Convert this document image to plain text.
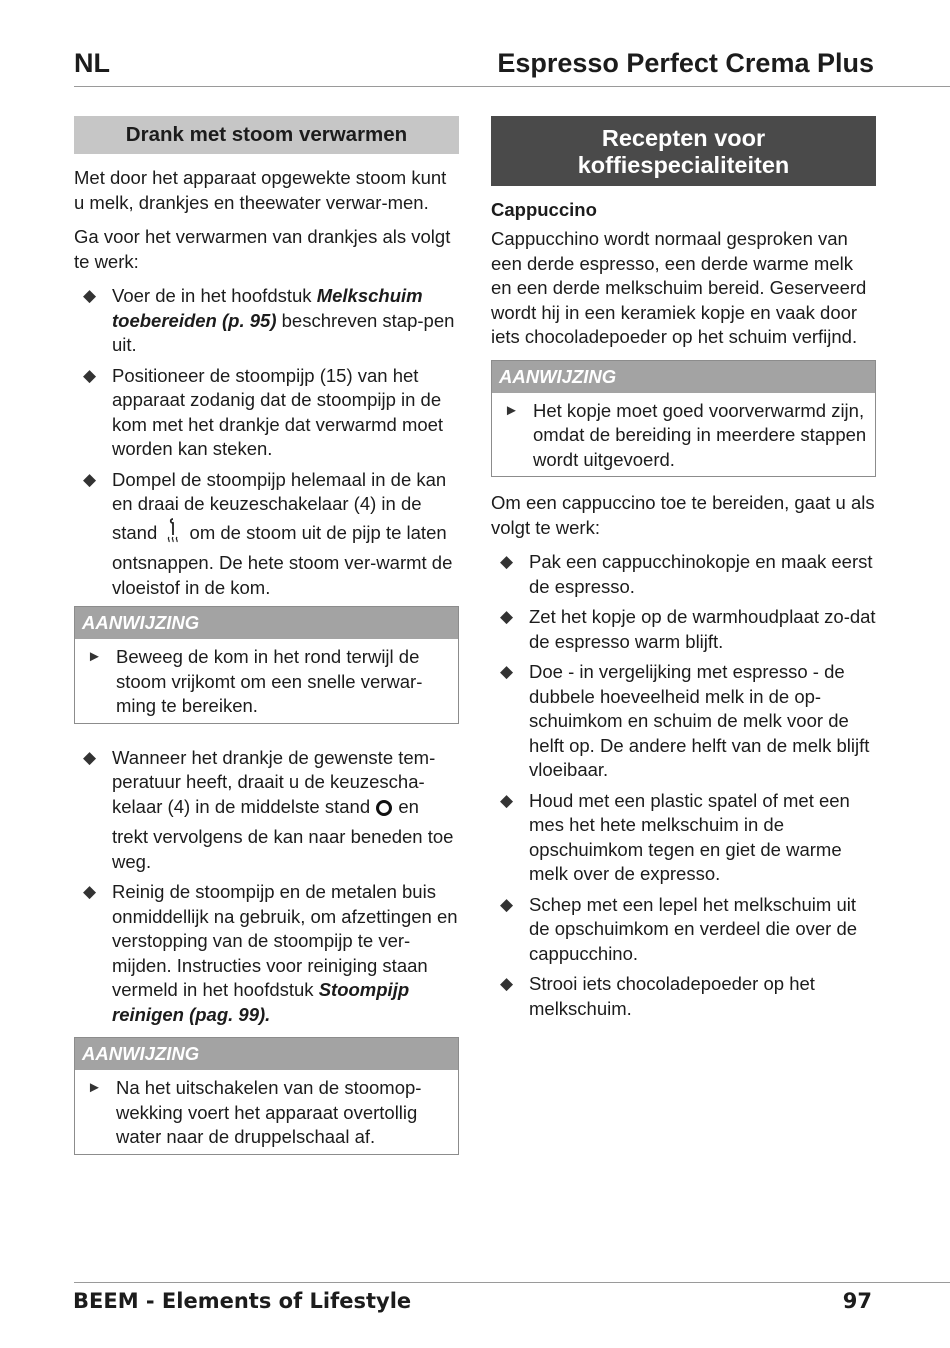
NL	Espresso Perfect Crema Plus
Drank met stoom verwarmen

Met door het apparaat opgewekte stoom kunt u melk, drankjes en theewater verwar-men.

Ga voor het verwarmen van drankjes als volgt te werk:

◆ Voer de in het hoofdstuk Melkschuim toebereiden (p. 95) beschreven stap-pen uit.
◆ Positioneer de stoompijp (15) van het apparaat zodanig dat de stoompijp in de kom met het drankje dat verwarmd moet worden kan steken.
◆ Dompel de stoompijp helemaal in de kan en draai de keuzeschakelaar (4) in de stand  om de stoom uit de pijp te laten ontsnappen. De hete stoom ver-warmt de vloeistof in de kom.
AANWIJZING
► Beweeg de kom in het rond terwijl de stoom vrijkomt om een snelle verwar-ming te bereiken.
◆ Wanneer het drankje de gewenste tem-peratuur heeft, draait u de keuzescha-kelaar (4) in de middelste stand  en trekt vervolgens de kan naar beneden toe weg.
◆ Reinig de stoompijp en de metalen buis onmiddellijk na gebruik, om afzettingen en verstopping van de stoompijp te ver-mijden. Instructies voor reiniging staan vermeld in het hoofdstuk Stoompijp reinigen (pag. 99).
AANWIJZING
► Na het uitschakelen van de stoomop-wekking voert het apparaat overtollig water naar de druppelschaal af.
Recepten voor koffiespecialiteiten
Cappuccino

Cappucchino wordt normaal gesproken van een derde espresso, een derde warme melk en een derde melkschuim bereid. Geserveerd wordt hij in een keramiek kopje en vaak door iets chocoladepoeder op het schuim verfijnd.

AANWIJZING
► Het kopje moet goed voorverwarmd zijn, omdat de bereiding in meerdere stappen wordt uitgevoerd.

Om een cappuccino toe te bereiden, gaat u als volgt te werk:

◆ Pak een cappucchinokopje en maak eerst de espresso.
◆ Zet het kopje op de warmhoudplaat zo-dat de espresso warm blijft.
◆ Doe - in vergelijking met espresso - de dubbele hoeveelheid melk in de op-schuimkom en schuim de melk voor de helft op. De andere helft van de melk blijft vloeibaar.
◆ Houd met een plastic spatel of met een mes het hete melkschuim in de opschuimkom tegen en giet de warme melk over de expresso.
◆ Schep met een lepel het melkschuim uit de opschuimkom en verdeel die over de cappucchino.
◆ Strooi iets chocoladepoeder op het melkschuim.
BEEM - Elements of Lifestyle	97
